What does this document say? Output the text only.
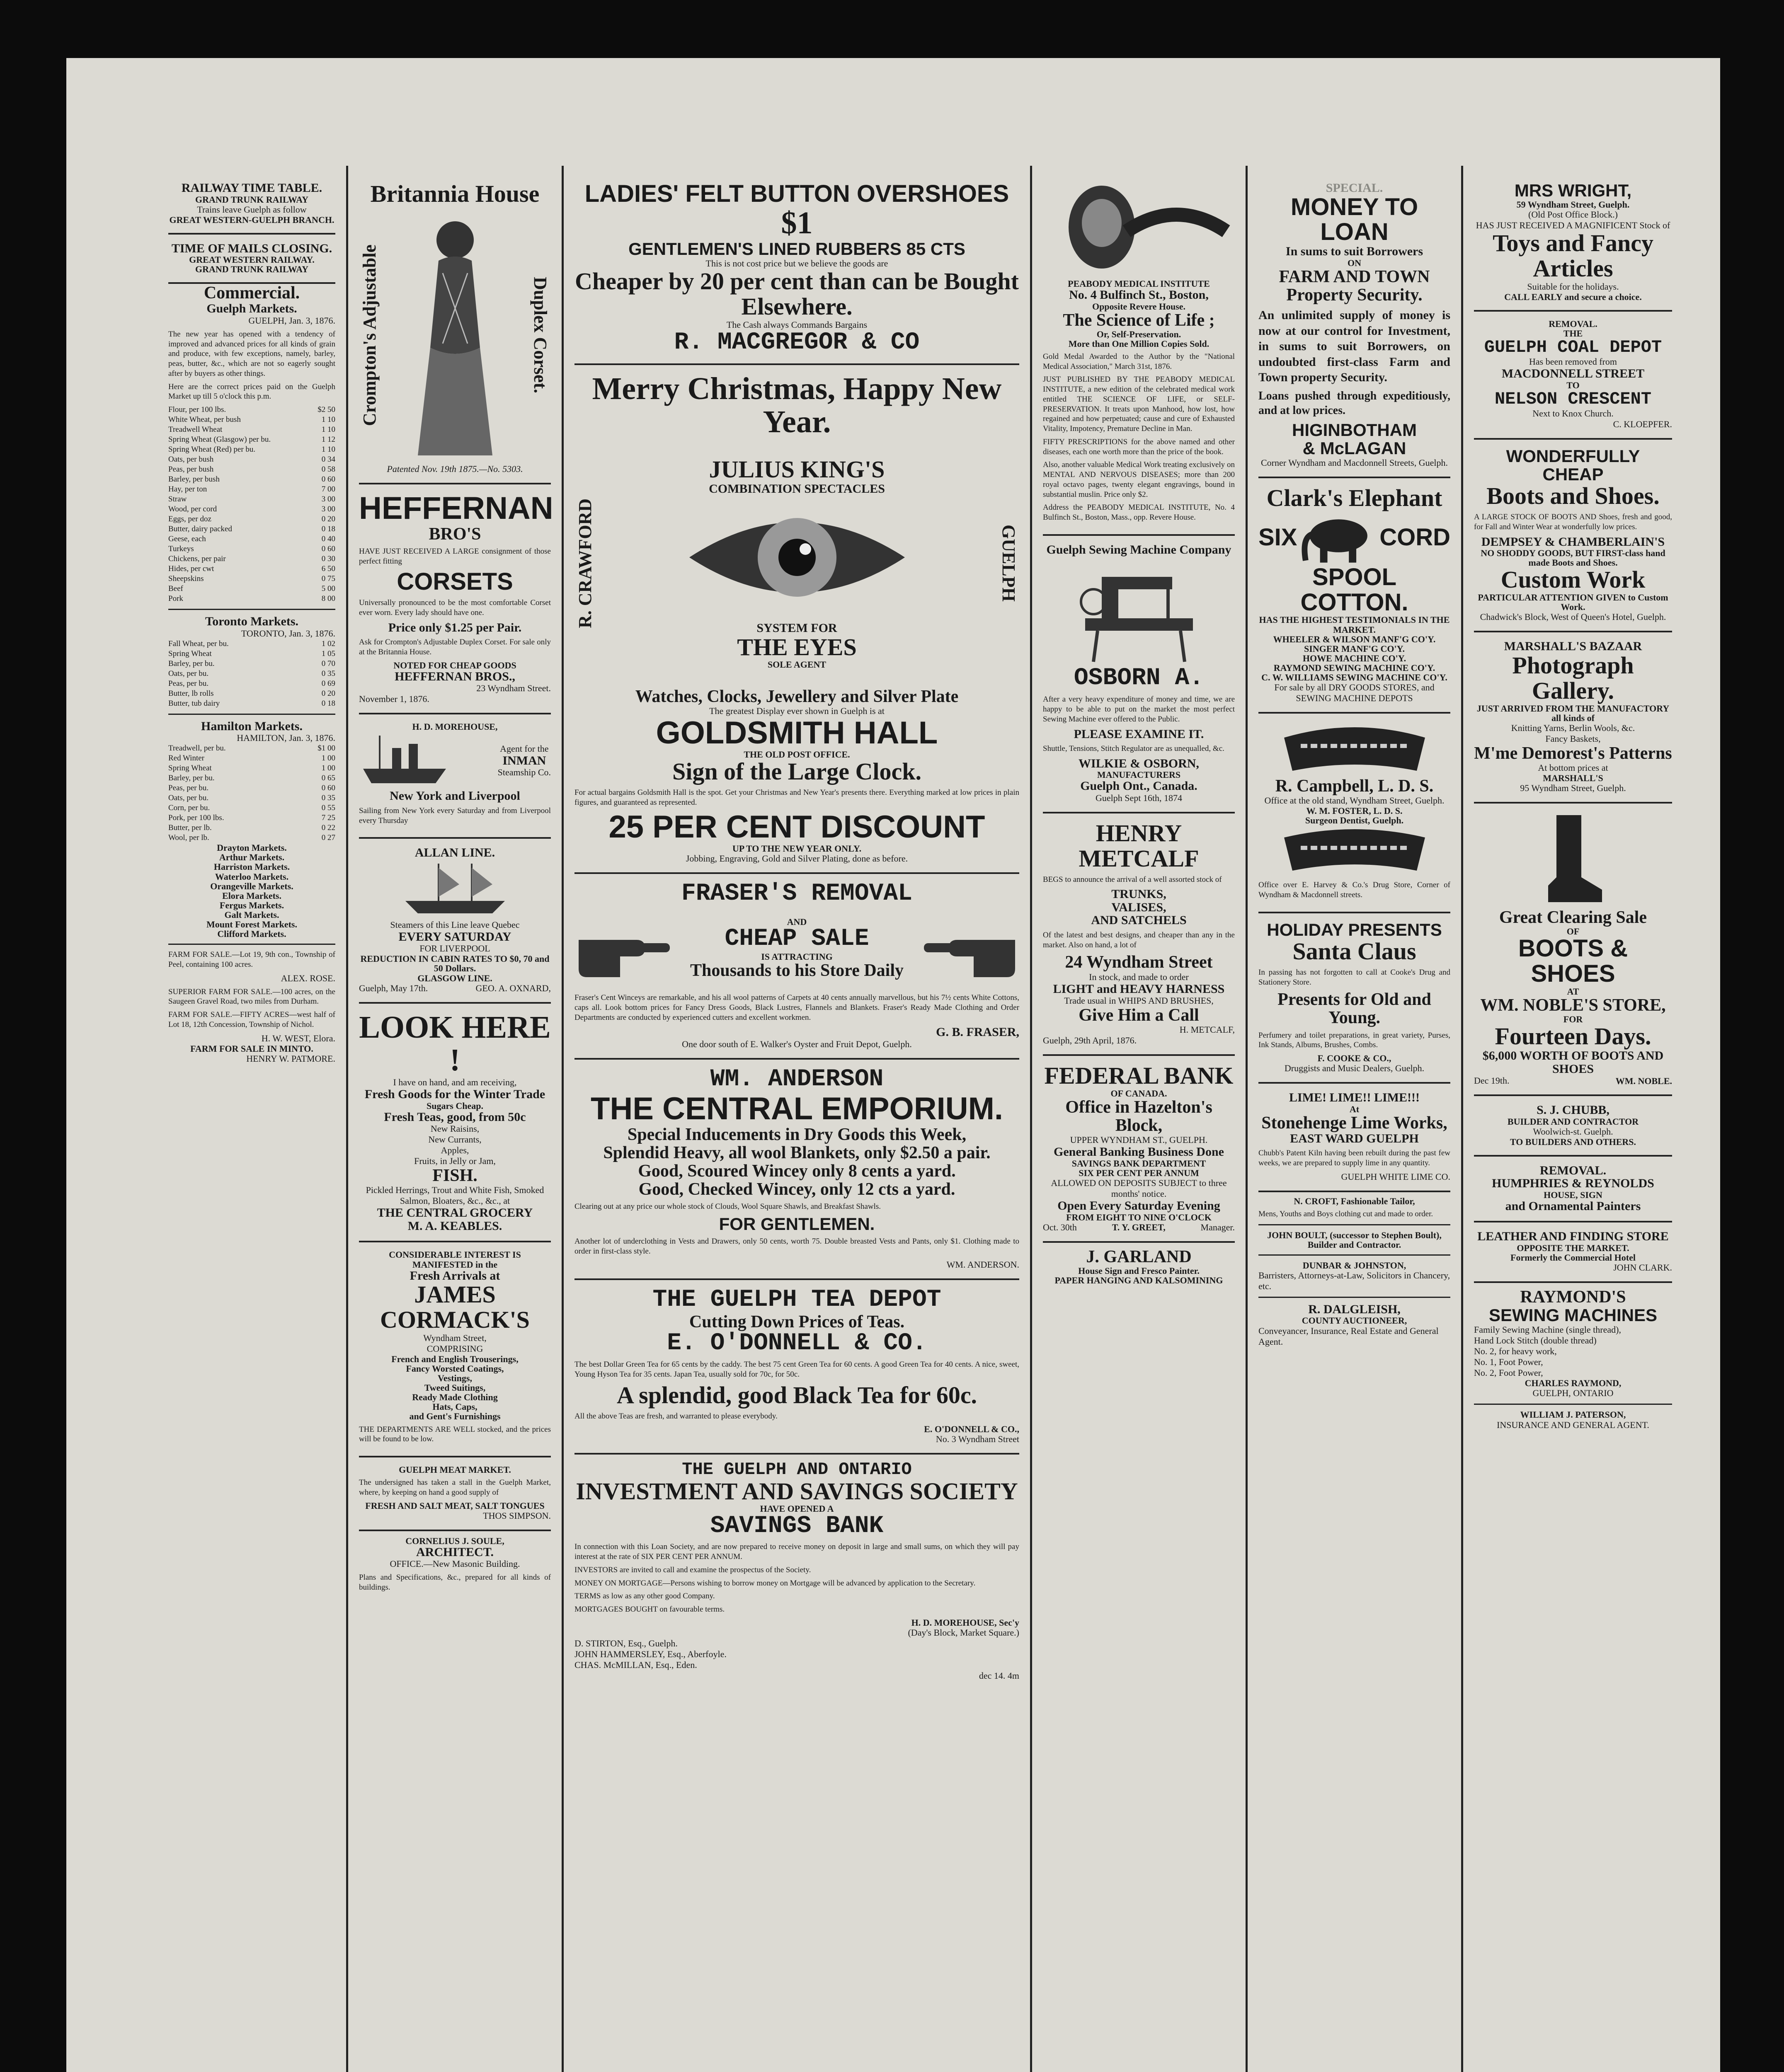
RAILWAY TIME TABLE.
GRAND TRUNK RAILWAY
Trains leave Guelph as follow
GREAT WESTERN-GUELPH BRANCH.
TIME OF MAILS CLOSING.
GREAT WESTERN RAILWAY.
GRAND TRUNK RAILWAY
Commercial.
Guelph Markets.
GUELPH, Jan. 3, 1876.

The new year has opened with a tendency of improved and advanced prices for all kinds of grain and produce, with few exceptions, namely, barley, peas, butter, &c., which are not so eagerly sought after by buyers as other things.

Here are the correct prices paid on the Guelph Market up till 5 o'clock this p.m.

Flour, per 100 lbs.	$2 50
White Wheat, per bush	1 10
Treadwell Wheat	1 10
Spring Wheat (Glasgow) per bu.	1 12
Spring Wheat (Red) per bu.	1 10
Oats, per bush	0 34
Peas, per bush	0 58
Barley, per bush	0 60
Hay, per ton	7 00
Straw	3 00
Wood, per cord	3 00
Eggs, per doz	0 20
Butter, dairy packed	0 18
Geese, each	0 40
Turkeys	0 60
Chickens, per pair	0 30
Hides, per cwt	6 50
Sheepskins	0 75
Beef	5 00
Pork	8 00
Toronto Markets.
TORONTO, Jan. 3, 1876.
Fall Wheat, per bu.	1 02
Spring Wheat	1 05
Barley, per bu.	0 70
Oats, per bu.	0 35
Peas, per bu.	0 69
Butter, lb rolls	0 20
Butter, tub dairy	0 18
Hamilton Markets.
HAMILTON, Jan. 3, 1876.
Treadwell, per bu.	$1 00
Red Winter	1 00
Spring Wheat	1 00
Barley, per bu.	0 65
Peas, per bu.	0 60
Oats, per bu.	0 35
Corn, per bu.	0 55
Pork, per 100 lbs.	7 25
Butter, per lb.	0 22
Wool, per lb.	0 27
Drayton Markets.
Arthur Markets.
Harriston Markets.
Waterloo Markets.
Orangeville Markets.
Elora Markets.
Fergus Markets.
Galt Markets.
Mount Forest Markets.
Clifford Markets.

FARM FOR SALE.—Lot 19, 9th con., Township of Peel, containing 100 acres.

ALEX. ROSE.

SUPERIOR FARM FOR SALE.—100 acres, on the Saugeen Gravel Road, two miles from Durham.

FARM FOR SALE.—FIFTY ACRES—west half of Lot 18, 12th Concession, Township of Nichol.

H. W. WEST, Elora.
FARM FOR SALE IN MINTO.
HENRY W. PATMORE.
Britannia House
Crompton's Adjustable	Duplex Corset.
Patented Nov. 19th 1875.—No. 5303.
HEFFERNAN
BRO'S

HAVE JUST RECEIVED A LARGE consignment of those perfect fitting

CORSETS

Universally pronounced to be the most comfortable Corset ever worn. Every lady should have one.

Price only $1.25 per Pair.

Ask for Crompton's Adjustable Duplex Corset. For sale only at the Britannia House.

NOTED FOR CHEAP GOODS
HEFFERNAN BROS.,
23 Wyndham Street.
November 1, 1876.
H. D. MOREHOUSE,
Agent for the
INMAN
Steamship Co.
New York and Liverpool

Sailing from New York every Saturday and from Liverpool every Thursday

ALLAN LINE.
Steamers of this Line leave Quebec
EVERY SATURDAY
FOR LIVERPOOL
REDUCTION IN CABIN RATES TO $0, 70 and 50 Dollars.
GLASGOW LINE.
Guelph, May 17th.	GEO. A. OXNARD,
LOOK HERE !
I have on hand, and am receiving,
Fresh Goods for the Winter Trade
Sugars Cheap.
Fresh Teas, good, from 50c
New Raisins,
New Currants,
Apples,
Fruits, in Jelly or Jam,
FISH.
Pickled Herrings, Trout and White Fish, Smoked Salmon, Bloaters, &c., &c., at
THE CENTRAL GROCERY
M. A. KEABLES.
CONSIDERABLE INTEREST IS MANIFESTED in the
Fresh Arrivals at
JAMES CORMACK'S
Wyndham Street,
COMPRISING
French and English Trouserings,
Fancy Worsted Coatings,
Vestings,
Tweed Suitings,
Ready Made Clothing
Hats, Caps,
and Gent's Furnishings

THE DEPARTMENTS ARE WELL stocked, and the prices will be found to be low.

GUELPH MEAT MARKET.

The undersigned has taken a stall in the Guelph Market, where, by keeping on hand a good supply of

FRESH AND SALT MEAT, SALT TONGUES
THOS SIMPSON.
CORNELIUS J. SOULE,
ARCHITECT.
OFFICE.—New Masonic Building.

Plans and Specifications, &c., prepared for all kinds of buildings.

LADIES' FELT BUTTON OVERSHOES
$1
GENTLEMEN'S LINED RUBBERS 85 CTS
This is not cost price but we believe the goods are
Cheaper by 20 per cent than can be Bought Elsewhere.
The Cash always Commands Bargains
R. MACGREGOR & CO
Merry Christmas, Happy New Year.
R. CRAWFORD
JULIUS KING'S
COMBINATION SPECTACLES
SYSTEM FOR
THE EYES
SOLE AGENT
GUELPH
Watches, Clocks, Jewellery and Silver Plate
The greatest Display ever shown in Guelph is at
GOLDSMITH HALL
THE OLD POST OFFICE.
Sign of the Large Clock.

For actual bargains Goldsmith Hall is the spot. Get your Christmas and New Year's presents there. Everything marked at low prices in plain figures, and guaranteed as represented.

25 PER CENT DISCOUNT
UP TO THE NEW YEAR ONLY.
Jobbing, Engraving, Gold and Silver Plating, done as before.
FRASER'S REMOVAL
AND
CHEAP SALE
IS ATTRACTING
Thousands to his Store Daily

Fraser's Cent Winceys are remarkable, and his all wool patterns of Carpets at 40 cents annually marvellous, but his 7½ cents White Cottons, caps all. Look bottom prices for Fancy Dress Goods, Black Lustres, Flannels and Blankets. Fraser's Ready Made Clothing and Order Departments are conducted by experienced cutters and excellent workmen.

G. B. FRASER,
One door south of E. Walker's Oyster and Fruit Depot, Guelph.
WM. ANDERSON
THE CENTRAL EMPORIUM.
Special Inducements in Dry Goods this Week,
Splendid Heavy, all wool Blankets, only $2.50 a pair.
Good, Scoured Wincey only 8 cents a yard.
Good, Checked Wincey, only 12 cts a yard.

Clearing out at any price our whole stock of Clouds, Wool Square Shawls, and Breakfast Shawls.

FOR GENTLEMEN.

Another lot of underclothing in Vests and Drawers, only 50 cents, worth 75. Double breasted Vests and Pants, only $1. Clothing made to order in first-class style.

WM. ANDERSON.
THE GUELPH TEA DEPOT
Cutting Down Prices of Teas.
E. O'DONNELL & CO.

The best Dollar Green Tea for 65 cents by the caddy. The best 75 cent Green Tea for 60 cents. A good Green Tea for 40 cents. A nice, sweet, Young Hyson Tea for 35 cents. Japan Tea, usually sold for 70c, for 50c.

A splendid, good Black Tea for 60c.

All the above Teas are fresh, and warranted to please everybody.

E. O'DONNELL & CO.,
No. 3 Wyndham Street
THE GUELPH AND ONTARIO
INVESTMENT AND SAVINGS SOCIETY
HAVE OPENED A
SAVINGS BANK

In connection with this Loan Society, and are now prepared to receive money on deposit in large and small sums, on which they will pay interest at the rate of SIX PER CENT PER ANNUM.

INVESTORS are invited to call and examine the prospectus of the Society.

MONEY ON MORTGAGE—Persons wishing to borrow money on Mortgage will be advanced by application to the Secretary.

TERMS as low as any other good Company.

MORTGAGES BOUGHT on favourable terms.

H. D. MOREHOUSE, Sec'y
(Day's Block, Market Square.)
D. STIRTON, Esq., Guelph.
JOHN HAMMERSLEY, Esq., Aberfoyle.
CHAS. McMILLAN, Esq., Eden.
dec 14. 4m
PEABODY MEDICAL INSTITUTE
No. 4 Bulfinch St., Boston,
Opposite Revere House.
The Science of Life ;
Or, Self-Preservation.
More than One Million Copies Sold.

Gold Medal Awarded to the Author by the "National Medical Association," March 31st, 1876.

JUST PUBLISHED BY THE PEABODY MEDICAL INSTITUTE, a new edition of the celebrated medical work entitled THE SCIENCE OF LIFE, or SELF-PRESERVATION. It treats upon Manhood, how lost, how regained and how perpetuated; cause and cure of Exhausted Vitality, Impotency, Premature Decline in Man.

FIFTY PRESCRIPTIONS for the above named and other diseases, each one worth more than the price of the book.

Also, another valuable Medical Work treating exclusively on MENTAL AND NERVOUS DISEASES; more than 200 royal octavo pages, twenty elegant engravings, bound in substantial muslin. Price only $2.

Address the PEABODY MEDICAL INSTITUTE, No. 4 Bulfinch St., Boston, Mass., opp. Revere House.

Guelph Sewing Machine Company
OSBORN A.

After a very heavy expenditure of money and time, we are happy to be able to put on the market the most perfect Sewing Machine ever offered to the Public.

PLEASE EXAMINE IT.

Shuttle, Tensions, Stitch Regulator are as unequalled, &c.

WILKIE & OSBORN,
MANUFACTURERS
Guelph Ont., Canada.
Guelph Sept 16th, 1874
HENRY METCALF

BEGS to announce the arrival of a well assorted stock of

TRUNKS,
VALISES,
AND SATCHELS

Of the latest and best designs, and cheaper than any in the market. Also on hand, a lot of

24 Wyndham Street
In stock, and made to order
LIGHT and HEAVY HARNESS
Trade usual in WHIPS AND BRUSHES,
Give Him a Call
H. METCALF,
Guelph, 29th April, 1876.
FEDERAL BANK
OF CANADA.
Office in Hazelton's Block,
UPPER WYNDHAM ST., GUELPH.
General Banking Business Done
SAVINGS BANK DEPARTMENT
SIX PER CENT PER ANNUM
ALLOWED ON DEPOSITS SUBJECT to three months' notice.
Open Every Saturday Evening
FROM EIGHT TO NINE O'CLOCK
Oct. 30th	T. Y. GREET,	Manager.
J. GARLAND
House Sign and Fresco Painter.
PAPER HANGING AND KALSOMINING
SPECIAL.
MONEY TO LOAN
In sums to suit Borrowers
ON
FARM AND TOWN
Property Security.

An unlimited supply of money is now at our control for Investment, in sums to suit Borrowers, on undoubted first-class Farm and Town property Security.

Loans pushed through expeditiously, and at low prices.

HIGINBOTHAM
& McLAGAN
Corner Wyndham and Macdonnell Streets, Guelph.
Clark's Elephant
SIX	CORD
SPOOL COTTON.
HAS THE HIGHEST TESTIMONIALS IN THE MARKET.
WHEELER & WILSON MANF'G CO'Y.
SINGER MANF'G CO'Y.
HOWE MACHINE CO'Y.
RAYMOND SEWING MACHINE CO'Y.
C. W. WILLIAMS SEWING MACHINE CO'Y.
For sale by all DRY GOODS STORES, and SEWING MACHINE DEPOTS
R. Campbell, L. D. S.
Office at the old stand, Wyndham Street, Guelph.
W. M. FOSTER, L. D. S.
Surgeon Dentist, Guelph.

Office over E. Harvey & Co.'s Drug Store, Corner of Wyndham & Macdonnell streets.

HOLIDAY PRESENTS
Santa Claus

In passing has not forgotten to call at Cooke's Drug and Stationery Store.

Presents for Old and Young.

Perfumery and toilet preparations, in great variety, Purses, Ink Stands, Albums, Brushes, Combs.

F. COOKE & CO.,
Druggists and Music Dealers, Guelph.
LIME! LIME!! LIME!!!
At
Stonehenge Lime Works,
EAST WARD GUELPH

Chubb's Patent Kiln having been rebuilt during the past few weeks, we are prepared to supply lime in any quantity.

GUELPH WHITE LIME CO.
N. CROFT, Fashionable Tailor,

Mens, Youths and Boys clothing cut and made to order.

JOHN BOULT, (successor to Stephen Boult), Builder and Contractor.
DUNBAR & JOHNSTON,
Barristers, Attorneys-at-Law, Solicitors in Chancery, etc.
R. DALGLEISH,
COUNTY AUCTIONEER,
Conveyancer, Insurance, Real Estate and General Agent.
MRS WRIGHT,
59 Wyndham Street, Guelph.
(Old Post Office Block.)
HAS JUST RECEIVED A MAGNIFICENT Stock of
Toys and Fancy Articles
Suitable for the holidays.
CALL EARLY and secure a choice.
REMOVAL.
THE
GUELPH COAL DEPOT
Has been removed from
MACDONNELL STREET
TO
NELSON CRESCENT
Next to Knox Church.
C. KLOEPFER.
WONDERFULLY CHEAP
Boots and Shoes.

A LARGE STOCK OF BOOTS AND Shoes, fresh and good, for Fall and Winter Wear at wonderfully low prices.

DEMPSEY & CHAMBERLAIN'S
NO SHODDY GOODS, BUT FIRST-class hand made Boots and Shoes.
Custom Work
PARTICULAR ATTENTION GIVEN to Custom Work.
Chadwick's Block, West of Queen's Hotel, Guelph.
MARSHALL'S BAZAAR
Photograph Gallery.
JUST ARRIVED FROM THE MANUFACTORY all kinds of
Knitting Yarns, Berlin Wools, &c.
Fancy Baskets,
M'me Demorest's Patterns
At bottom prices at
MARSHALL'S
95 Wyndham Street, Guelph.
Great Clearing Sale
OF
BOOTS & SHOES
AT
WM. NOBLE'S STORE,
FOR
Fourteen Days.
$6,000 WORTH OF BOOTS AND SHOES
Dec 19th.	WM. NOBLE.
S. J. CHUBB,
BUILDER AND CONTRACTOR
Woolwich-st. Guelph.
TO BUILDERS AND OTHERS.
REMOVAL.
HUMPHRIES & REYNOLDS
HOUSE, SIGN
and Ornamental Painters
LEATHER AND FINDING STORE
OPPOSITE THE MARKET.
Formerly the Commercial Hotel
JOHN CLARK.
RAYMOND'S
SEWING MACHINES
Family Sewing Machine (single thread),
Hand Lock Stitch (double thread)
No. 2, for heavy work,
No. 1, Foot Power,
No. 2, Foot Power,
CHARLES RAYMOND,
GUELPH, ONTARIO
WILLIAM J. PATERSON,
INSURANCE AND GENERAL AGENT.
